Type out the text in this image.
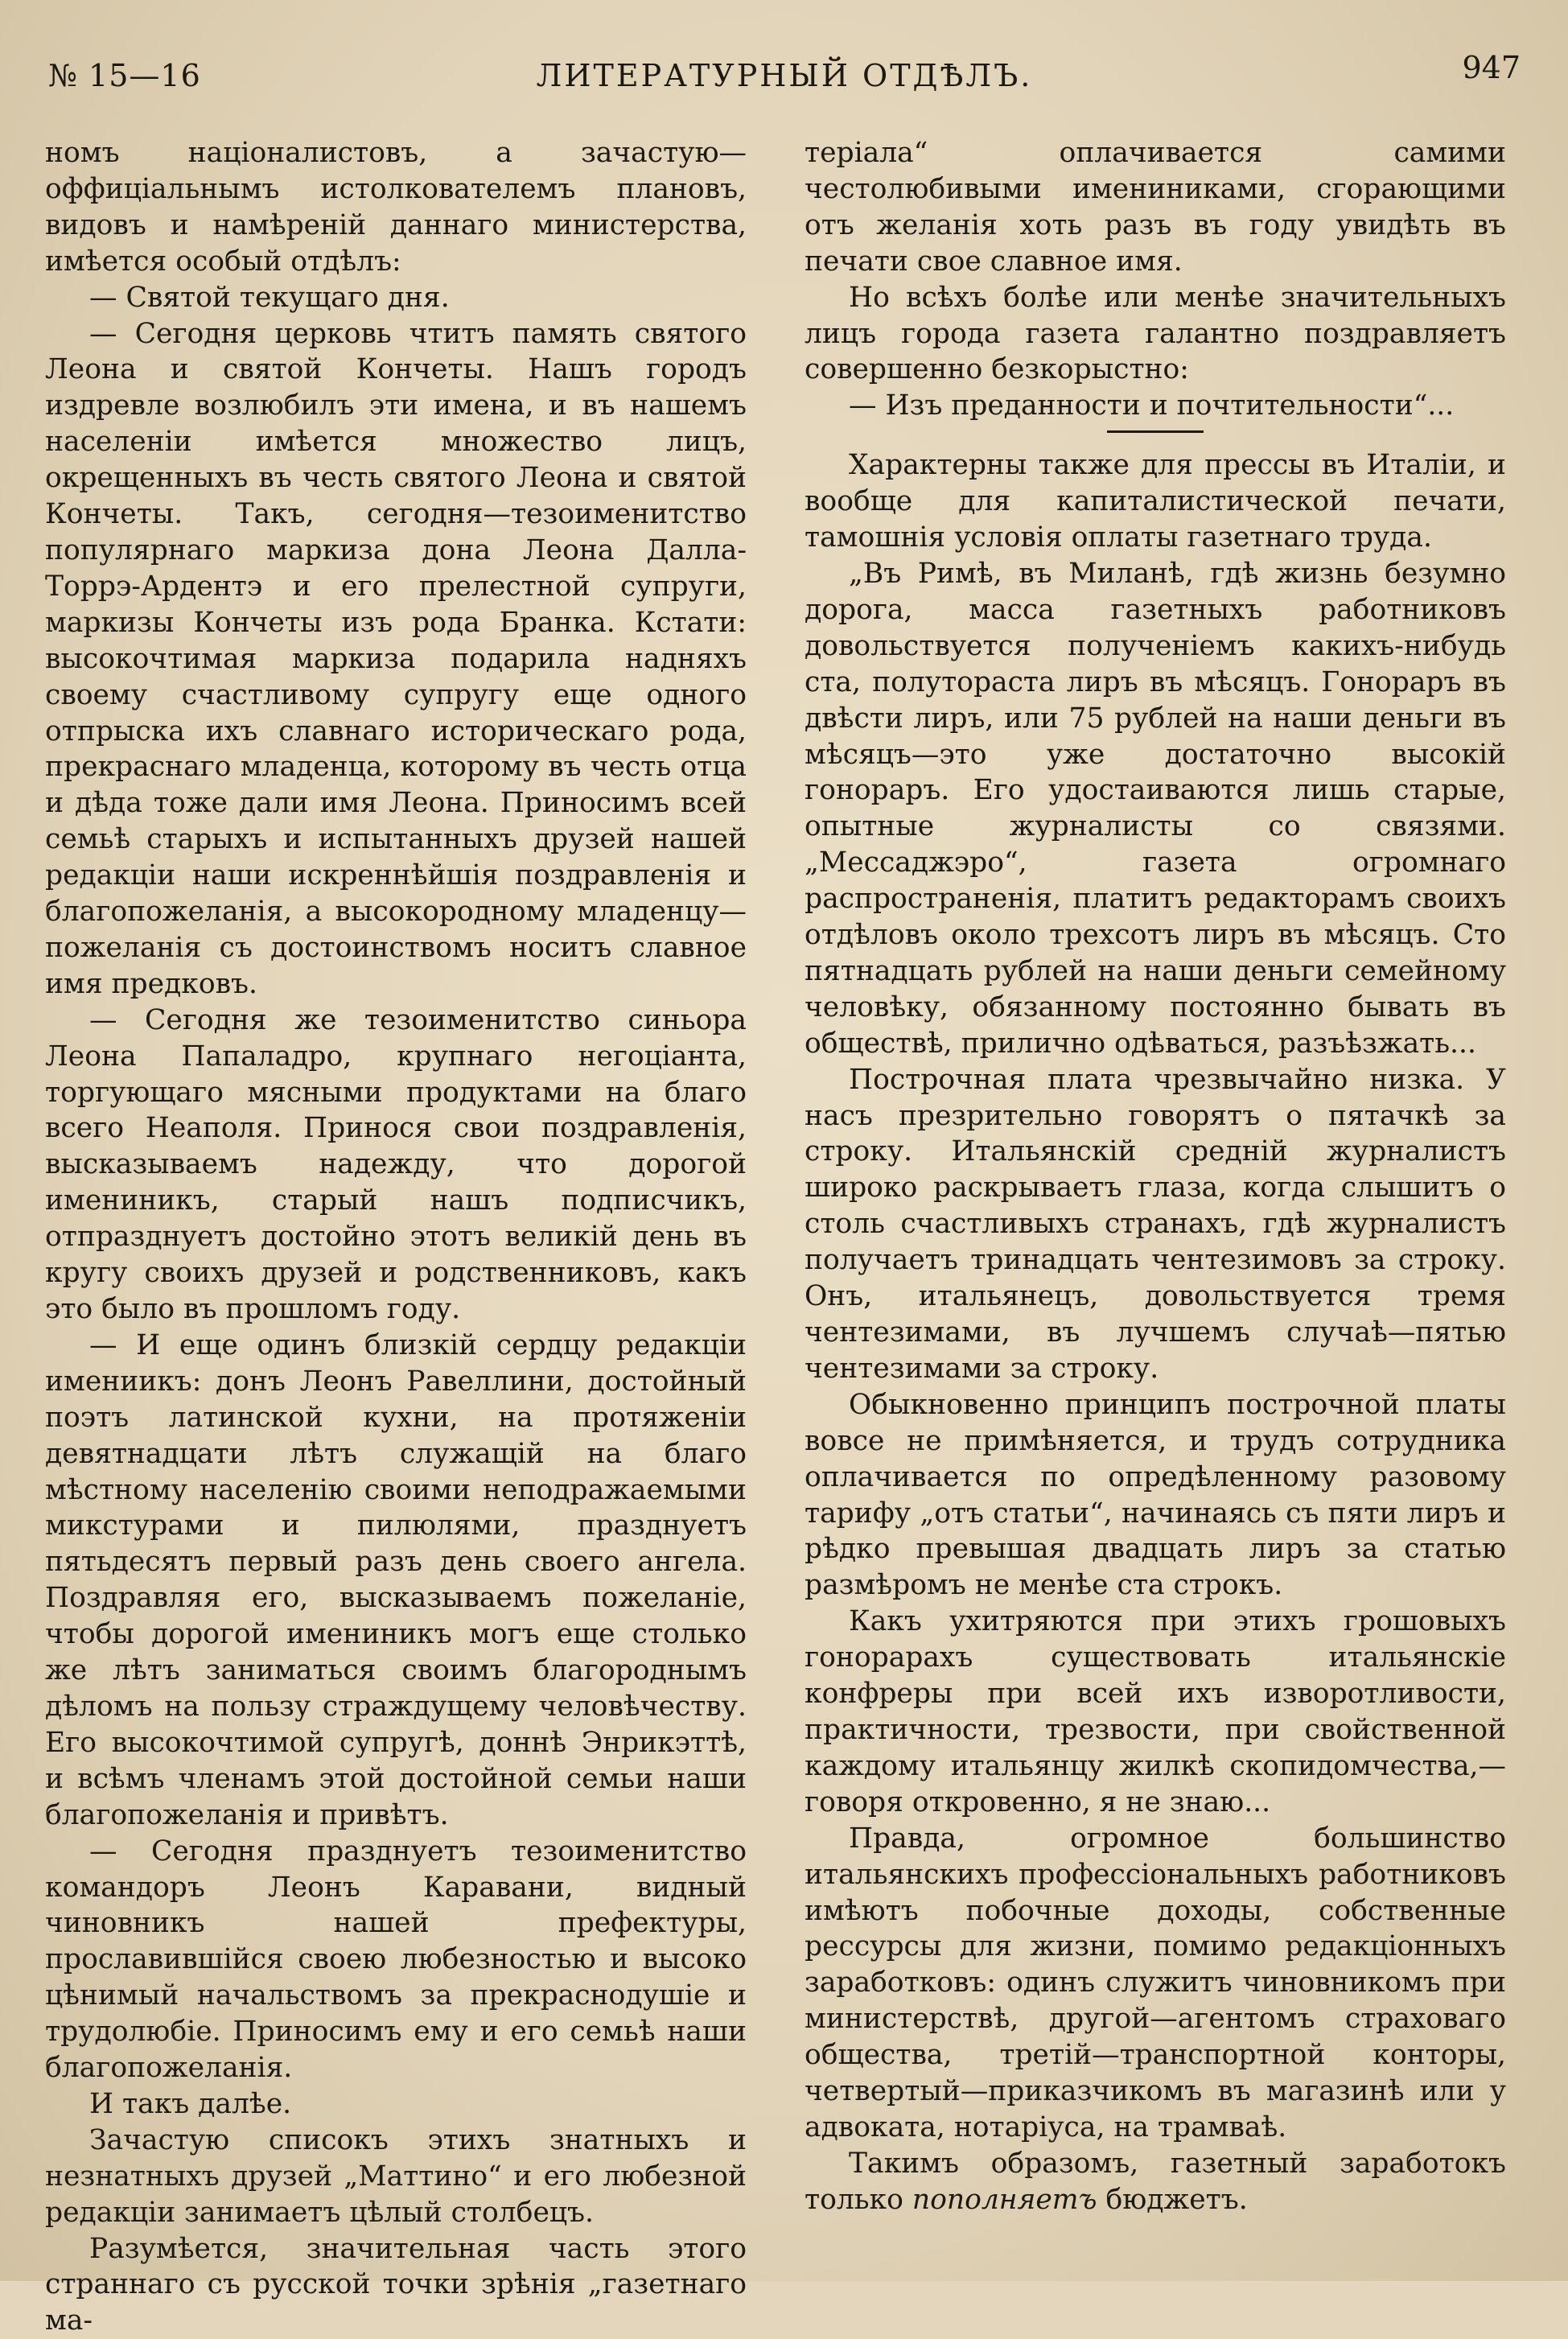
№ 15—16	ЛИТЕРАТУРНЫЙ ОТДѢЛЪ.	947

номъ націоналистовъ, а зачастую—оффиціальнымъ истолкователемъ плановъ, видовъ и намѣреній даннаго министерства, имѣется особый отдѣлъ:

— Святой текущаго дня.

— Сегодня церковь чтитъ память святого Леона и святой Кончеты. Нашъ городъ издревле возлюбилъ эти имена, и въ нашемъ населеніи имѣется множество лицъ, окрещенныхъ въ честь святого Леона и святой Кончеты. Такъ, сегодня—тезоименитство популярнаго маркиза дона Леона Далла-Торрэ-Ардентэ и его прелестной супруги, маркизы Кончеты изъ рода Бранка. Кстати: высокочтимая маркиза подарила надняхъ своему счастливому супругу еще одного отпрыска ихъ славнаго историческаго рода, прекраснаго младенца, которому въ честь отца и дѣда тоже дали имя Леона. Приносимъ всей семьѣ старыхъ и испытанныхъ друзей нашей редакціи наши искреннѣйшія поздравленія и благопожеланія, а высокородному младенцу—пожеланія съ достоинствомъ носитъ славное имя предковъ.

— Сегодня же тезоименитство синьора Леона Папаладро, крупнаго негоціанта, торгующаго мясными продуктами на благо всего Неаполя. Принося свои поздравленія, высказываемъ надежду, что дорогой имениникъ, старый нашъ подписчикъ, отпразднуетъ достойно этотъ великій день въ кругу своихъ друзей и родственниковъ, какъ это было въ прошломъ году.

— И еще одинъ близкій сердцу редакціи имениикъ: донъ Леонъ Равеллини, достойный поэтъ латинской кухни, на протяженіи девятнадцати лѣтъ служащій на благо мѣстному населенію своими неподражаемыми микстурами и пилюлями, празднуетъ пятьдесятъ первый разъ день своего ангела. Поздравляя его, высказываемъ пожеланіе, чтобы дорогой имениникъ могъ еще столько же лѣтъ заниматься своимъ благороднымъ дѣломъ на пользу страждущему человѣчеству. Его высокочтимой супругѣ, доннѣ Энрикэттѣ, и всѣмъ членамъ этой достойной семьи наши благопожеланія и привѣтъ.

— Сегодня празднуетъ тезоименитство командоръ Леонъ Каравани, видный чиновникъ нашей префектуры, прославившійся своею любезностью и высоко цѣнимый начальствомъ за прекраснодушіе и трудолюбіе. Приносимъ ему и его семьѣ наши благопожеланія.

И такъ далѣе.

Зачастую списокъ этихъ знатныхъ и незнатныхъ друзей „Маттино“ и его любезной редакціи занимаетъ цѣлый столбецъ.

Разумѣется, значительная часть этого страннаго съ русской точки зрѣнія „газетнаго ма-

теріала“ оплачивается самими честолюбивыми имениниками, сгорающими отъ желанія хоть разъ въ году увидѣть въ печати свое славное имя.

Но всѣхъ болѣе или менѣе значительныхъ лицъ города газета галантно поздравляетъ совершенно безкорыстно:

— Изъ преданности и почтительности“...

Характерны также для прессы въ Италіи, и вообще для капиталистической печати, тамошнія условія оплаты газетнаго труда.

„Въ Римѣ, въ Миланѣ, гдѣ жизнь безумно дорога, масса газетныхъ работниковъ довольствуется полученіемъ какихъ-нибудь ста, полутораста лиръ въ мѣсяцъ. Гонораръ въ двѣсти лиръ, или 75 рублей на наши деньги въ мѣсяцъ—это уже достаточно высокій гонораръ. Его удостаиваются лишь старые, опытные журналисты со связями. „Мессаджэро“, газета огромнаго распространенія, платитъ редакторамъ своихъ отдѣловъ около трехсотъ лиръ въ мѣсяцъ. Сто пятнадцать рублей на наши деньги семейному человѣку, обязанному постоянно бывать въ обществѣ, прилично одѣваться, разъѣзжать...

Построчная плата чрезвычайно низка. У насъ презрительно говорятъ о пятачкѣ за строку. Итальянскій средній журналистъ широко раскрываетъ глаза, когда слышитъ о столь счастливыхъ странахъ, гдѣ журналистъ получаетъ тринадцать чентезимовъ за строку. Онъ, итальянецъ, довольствуется тремя чентезимами, въ лучшемъ случаѣ—пятью чентезимами за строку.

Обыкновенно принципъ построчной платы вовсе не примѣняется, и трудъ сотрудника оплачивается по опредѣленному разовому тарифу „отъ статьи“, начинаясь съ пяти лиръ и рѣдко превышая двадцать лиръ за статью размѣромъ не менѣе ста строкъ.

Какъ ухитряются при этихъ грошовыхъ гонорарахъ существовать итальянскіе конфреры при всей ихъ изворотливости, практичности, трезвости, при свойственной каждому итальянцу жилкѣ скопидомчества,—говоря откровенно, я не знаю...

Правда, огромное большинство итальянскихъ профессіональныхъ работниковъ имѣютъ побочные доходы, собственные рессурсы для жизни, помимо редакціонныхъ заработковъ: одинъ служитъ чиновникомъ при министерствѣ, другой—агентомъ страховаго общества, третій—транспортной конторы, четвертый—приказчикомъ въ магазинѣ или у адвоката, нотаріуса, на трамваѣ.

Такимъ образомъ, газетный заработокъ только пополняетъ бюджетъ.
